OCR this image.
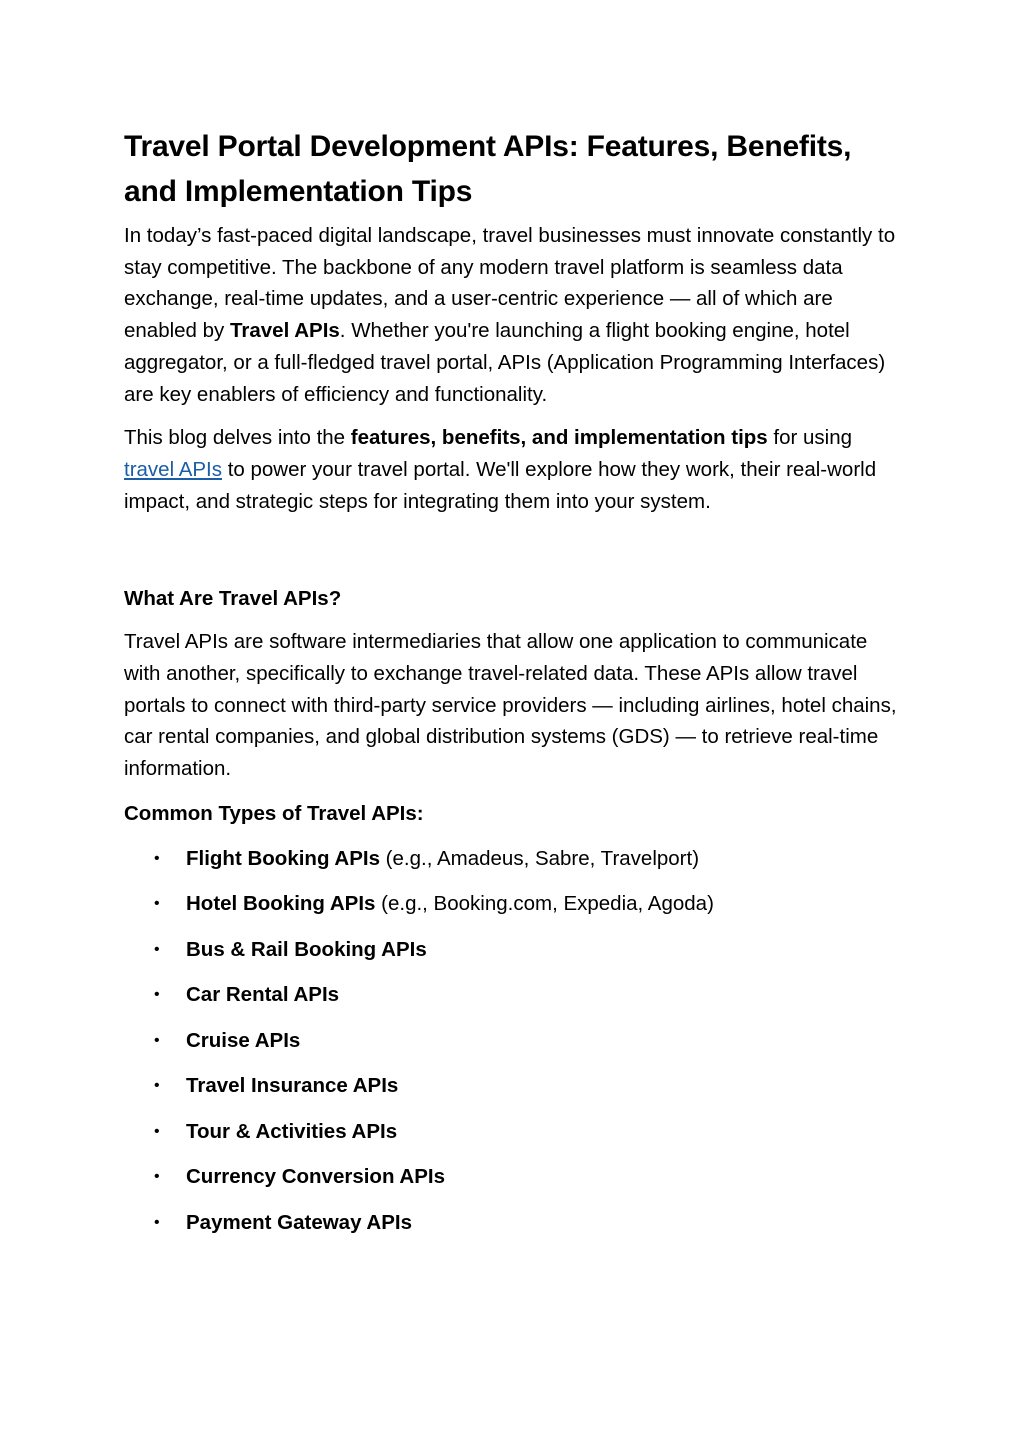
Travel Portal Development APIs: Features, Benefits, and Implementation Tips

In today’s fast-paced digital landscape, travel businesses must innovate constantly to stay competitive. The backbone of any modern travel platform is seamless data exchange, real-time updates, and a user-centric experience — all of which are enabled by Travel APIs. Whether you're launching a flight booking engine, hotel aggregator, or a full-fledged travel portal, APIs (Application Programming Interfaces) are key enablers of efficiency and functionality.

This blog delves into the features, benefits, and implementation tips for using travel APIs to power your travel portal. We'll explore how they work, their real-world impact, and strategic steps for integrating them into your system.

What Are Travel APIs?

Travel APIs are software intermediaries that allow one application to communicate with another, specifically to exchange travel-related data. These APIs allow travel portals to connect with third-party service providers — including airlines, hotel chains, car rental companies, and global distribution systems (GDS) — to retrieve real-time information.

Common Types of Travel APIs:
• Flight Booking APIs (e.g., Amadeus, Sabre, Travelport)
• Hotel Booking APIs (e.g., Booking.com, Expedia, Agoda)
• Bus & Rail Booking APIs
• Car Rental APIs
• Cruise APIs
• Travel Insurance APIs
• Tour & Activities APIs
• Currency Conversion APIs
• Payment Gateway APIs
